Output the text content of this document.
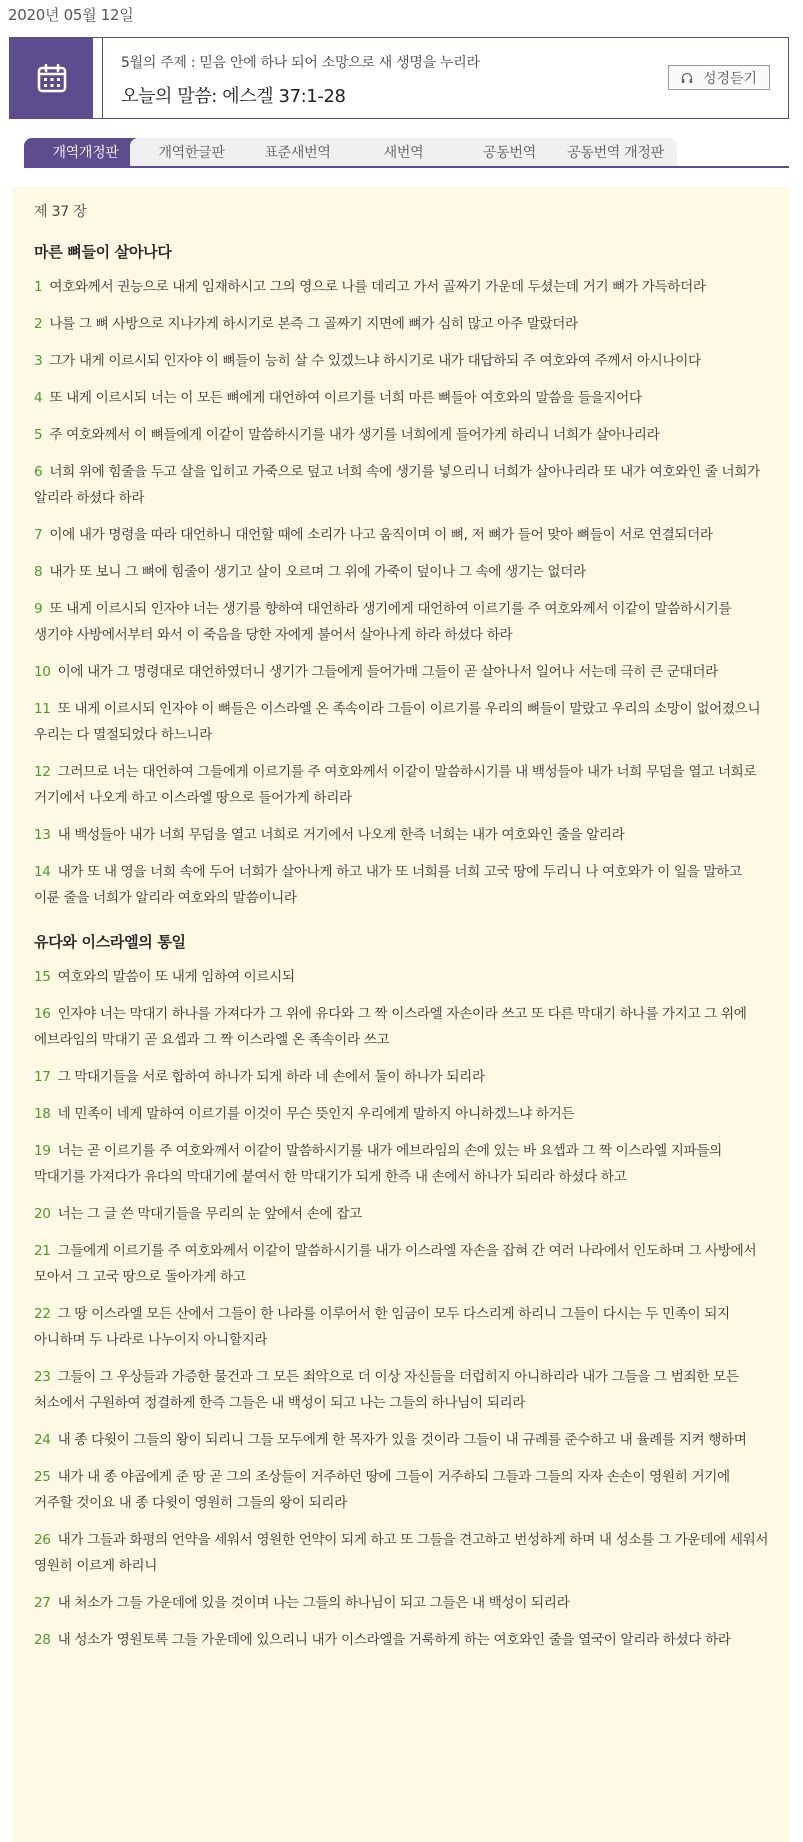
2020년 05월 12일
5월의 주제 : 믿음 안에 하나 되어 소망으로 새 생명을 누리라
오늘의 말씀: 에스겔 37:1-28
성경듣기
개역개정판	개역한글판	표준새번역	새번역	공동번역	공동번역 개정판
제 37 장
마른 뼈들이 살아나다

1 여호와께서 권능으로 내게 임재하시고 그의 영으로 나를 데리고 가서 골짜기 가운데 두셨는데 거기 뼈가 가득하더라

2 나를 그 뼈 사방으로 지나가게 하시기로 본즉 그 골짜기 지면에 뼈가 심히 많고 아주 말랐더라

3 그가 내게 이르시되 인자야 이 뼈들이 능히 살 수 있겠느냐 하시기로 내가 대답하되 주 여호와여 주께서 아시나이다

4 또 내게 이르시되 너는 이 모든 뼈에게 대언하여 이르기를 너희 마른 뼈들아 여호와의 말씀을 들을지어다

5 주 여호와께서 이 뼈들에게 이같이 말씀하시기를 내가 생기를 너희에게 들어가게 하리니 너희가 살아나리라

6 너희 위에 힘줄을 두고 살을 입히고 가죽으로 덮고 너희 속에 생기를 넣으리니 너희가 살아나리라 또 내가 여호와인 줄 너희가 알리라 하셨다 하라

7 이에 내가 명령을 따라 대언하니 대언할 때에 소리가 나고 움직이며 이 뼈, 저 뼈가 들어 맞아 뼈들이 서로 연결되더라

8 내가 또 보니 그 뼈에 힘줄이 생기고 살이 오르며 그 위에 가죽이 덮이나 그 속에 생기는 없더라

9 또 내게 이르시되 인자야 너는 생기를 향하여 대언하라 생기에게 대언하여 이르기를 주 여호와께서 이같이 말씀하시기를 생기야 사방에서부터 와서 이 죽음을 당한 자에게 불어서 살아나게 하라 하셨다 하라

10 이에 내가 그 명령대로 대언하였더니 생기가 그들에게 들어가매 그들이 곧 살아나서 일어나 서는데 극히 큰 군대더라

11 또 내게 이르시되 인자야 이 뼈들은 이스라엘 온 족속이라 그들이 이르기를 우리의 뼈들이 말랐고 우리의 소망이 없어졌으니 우리는 다 멸절되었다 하느니라

12 그러므로 너는 대언하여 그들에게 이르기를 주 여호와께서 이같이 말씀하시기를 내 백성들아 내가 너희 무덤을 열고 너희로 거기에서 나오게 하고 이스라엘 땅으로 들어가게 하리라

13 내 백성들아 내가 너희 무덤을 열고 너희로 거기에서 나오게 한즉 너희는 내가 여호와인 줄을 알리라

14 내가 또 내 영을 너희 속에 두어 너희가 살아나게 하고 내가 또 너희를 너희 고국 땅에 두리니 나 여호와가 이 일을 말하고 이룬 줄을 너희가 알리라 여호와의 말씀이니라

유다와 이스라엘의 통일

15 여호와의 말씀이 또 내게 임하여 이르시되

16 인자야 너는 막대기 하나를 가져다가 그 위에 유다와 그 짝 이스라엘 자손이라 쓰고 또 다른 막대기 하나를 가지고 그 위에 에브라임의 막대기 곧 요셉과 그 짝 이스라엘 온 족속이라 쓰고

17 그 막대기들을 서로 합하여 하나가 되게 하라 네 손에서 둘이 하나가 되리라

18 네 민족이 네게 말하여 이르기를 이것이 무슨 뜻인지 우리에게 말하지 아니하겠느냐 하거든

19 너는 곧 이르기를 주 여호와께서 이같이 말씀하시기를 내가 에브라임의 손에 있는 바 요셉과 그 짝 이스라엘 지파들의 막대기를 가져다가 유다의 막대기에 붙여서 한 막대기가 되게 한즉 내 손에서 하나가 되리라 하셨다 하고

20 너는 그 글 쓴 막대기들을 무리의 눈 앞에서 손에 잡고

21 그들에게 이르기를 주 여호와께서 이같이 말씀하시기를 내가 이스라엘 자손을 잡혀 간 여러 나라에서 인도하며 그 사방에서 모아서 그 고국 땅으로 돌아가게 하고

22 그 땅 이스라엘 모든 산에서 그들이 한 나라를 이루어서 한 임금이 모두 다스리게 하리니 그들이 다시는 두 민족이 되지 아니하며 두 나라로 나누이지 아니할지라

23 그들이 그 우상들과 가증한 물건과 그 모든 죄악으로 더 이상 자신들을 더럽히지 아니하리라 내가 그들을 그 범죄한 모든 처소에서 구원하여 정결하게 한즉 그들은 내 백성이 되고 나는 그들의 하나님이 되리라

24 내 종 다윗이 그들의 왕이 되리니 그들 모두에게 한 목자가 있을 것이라 그들이 내 규례를 준수하고 내 율례를 지켜 행하며

25 내가 내 종 야곱에게 준 땅 곧 그의 조상들이 거주하던 땅에 그들이 거주하되 그들과 그들의 자자 손손이 영원히 거기에 거주할 것이요 내 종 다윗이 영원히 그들의 왕이 되리라

26 내가 그들과 화평의 언약을 세워서 영원한 언약이 되게 하고 또 그들을 견고하고 번성하게 하며 내 성소를 그 가운데에 세워서 영원히 이르게 하리니

27 내 처소가 그들 가운데에 있을 것이며 나는 그들의 하나님이 되고 그들은 내 백성이 되리라

28 내 성소가 영원토록 그들 가운데에 있으리니 내가 이스라엘을 거룩하게 하는 여호와인 줄을 열국이 알리라 하셨다 하라
